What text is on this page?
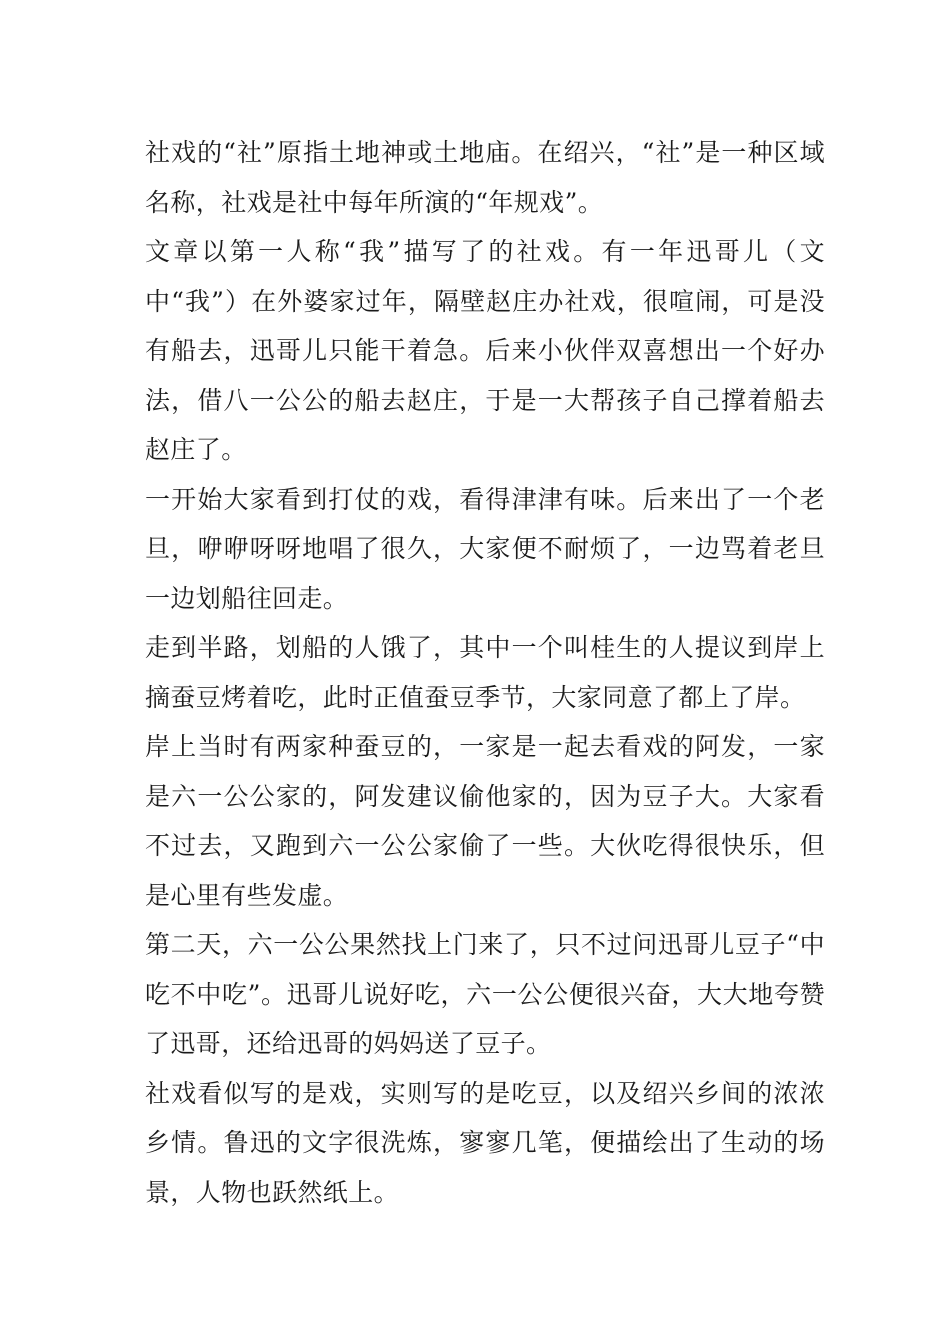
社戏的“社”原指土地神或土地庙。在绍兴，“社”是一种区域名称，社戏是社中每年所演的“年规戏”。

文章以第一人称“我”描写了的社戏。有一年迅哥儿（文中“我”）在外婆家过年，隔壁赵庄办社戏，很喧闹，可是没有船去，迅哥儿只能干着急。后来小伙伴双喜想出一个好办法，借八一公公的船去赵庄，于是一大帮孩子自己撑着船去赵庄了。

一开始大家看到打仗的戏，看得津津有味。后来出了一个老旦，咿咿呀呀地唱了很久，大家便不耐烦了，一边骂着老旦一边划船往回走。

走到半路，划船的人饿了，其中一个叫桂生的人提议到岸上摘蚕豆烤着吃，此时正值蚕豆季节，大家同意了都上了岸。

岸上当时有两家种蚕豆的，一家是一起去看戏的阿发，一家是六一公公家的，阿发建议偷他家的，因为豆子大。大家看不过去，又跑到六一公公家偷了一些。大伙吃得很快乐，但是心里有些发虚。

第二天，六一公公果然找上门来了，只不过问迅哥儿豆子“中吃不中吃”。迅哥儿说好吃，六一公公便很兴奋，大大地夸赞了迅哥，还给迅哥的妈妈送了豆子。

社戏看似写的是戏，实则写的是吃豆，以及绍兴乡间的浓浓乡情。鲁迅的文字很洗炼，寥寥几笔，便描绘出了生动的场景，人物也跃然纸上。
